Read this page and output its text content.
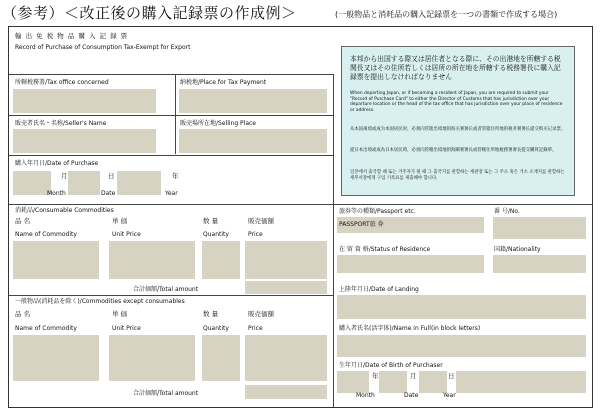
（参考）＜改正後の購入記録票の作成例＞	(一般物品と消耗品の購入記録票を一つの書類で作成する場合)
輸 出 免 税 物 品 購 入 記 録 票
Record of Purchase of Consumption Tax-Exempt for Export
所轄税務署/Tax office concerned	納税地/Place for Tax Payment
販売者氏名・名称/Seller's Name	販売場所在地/Selling Place
購入年月日/Date of Purchase
月	日	年
Month	Date	Year
消耗品/Consumable Commodities
品 名	単 価	数 量	販売価額
Name of Commodity	Unit Price	Quantity	Price
合計価額/Total amount
一般物品(消耗品を除く)/Commodities except consumables
品 名	単 価	数 量	販売価額
Name of Commodity	Unit Price	Quantity	Price
合計価額/Total amount
旅券等の種類/Passport etc.	番 号/No.
PASSPORT旅 券
在 留 資 格/Status of Residence	国籍/Nationality
上陸年月日/Date of Landing
購入者氏名(活字体)/Name in Full(in block letters)
生年月日/Date of Birth of Purchaser
年	月	日
Month	Date	Year

本邦から出国する際又は居住者となる際に、その出港地を所轄する税関長又はその住所若しくは居所の所在地を所轄する税務署長に購入記録票を提出しなければなりません

When departing Japan, or if becoming a resident of Japan, you are required to submit your "Record of Purchase Card" to either the Director of Customs that has jurisdiction over your departure location or the head of the tax office that has jurisdiction over your place of residence or address.

从本国离境或成为本国居民时，必须向管辖出境地的海关署署长或者管辖住所地的税务署署长提交购买记录票。

從日本出境或成為日本居民時，必須向管轄出境地的海關署署長或管轄住所地稅務署署長提交購買記錄單。

일본에서 출국할 때 또는 거주자가 될 때 그 출국지를 관할하는 세관장 또는 그 주소 혹은 거소 소재지를 관할하는 세무서장에게 구입 기록표를 제출해야 합니다.
